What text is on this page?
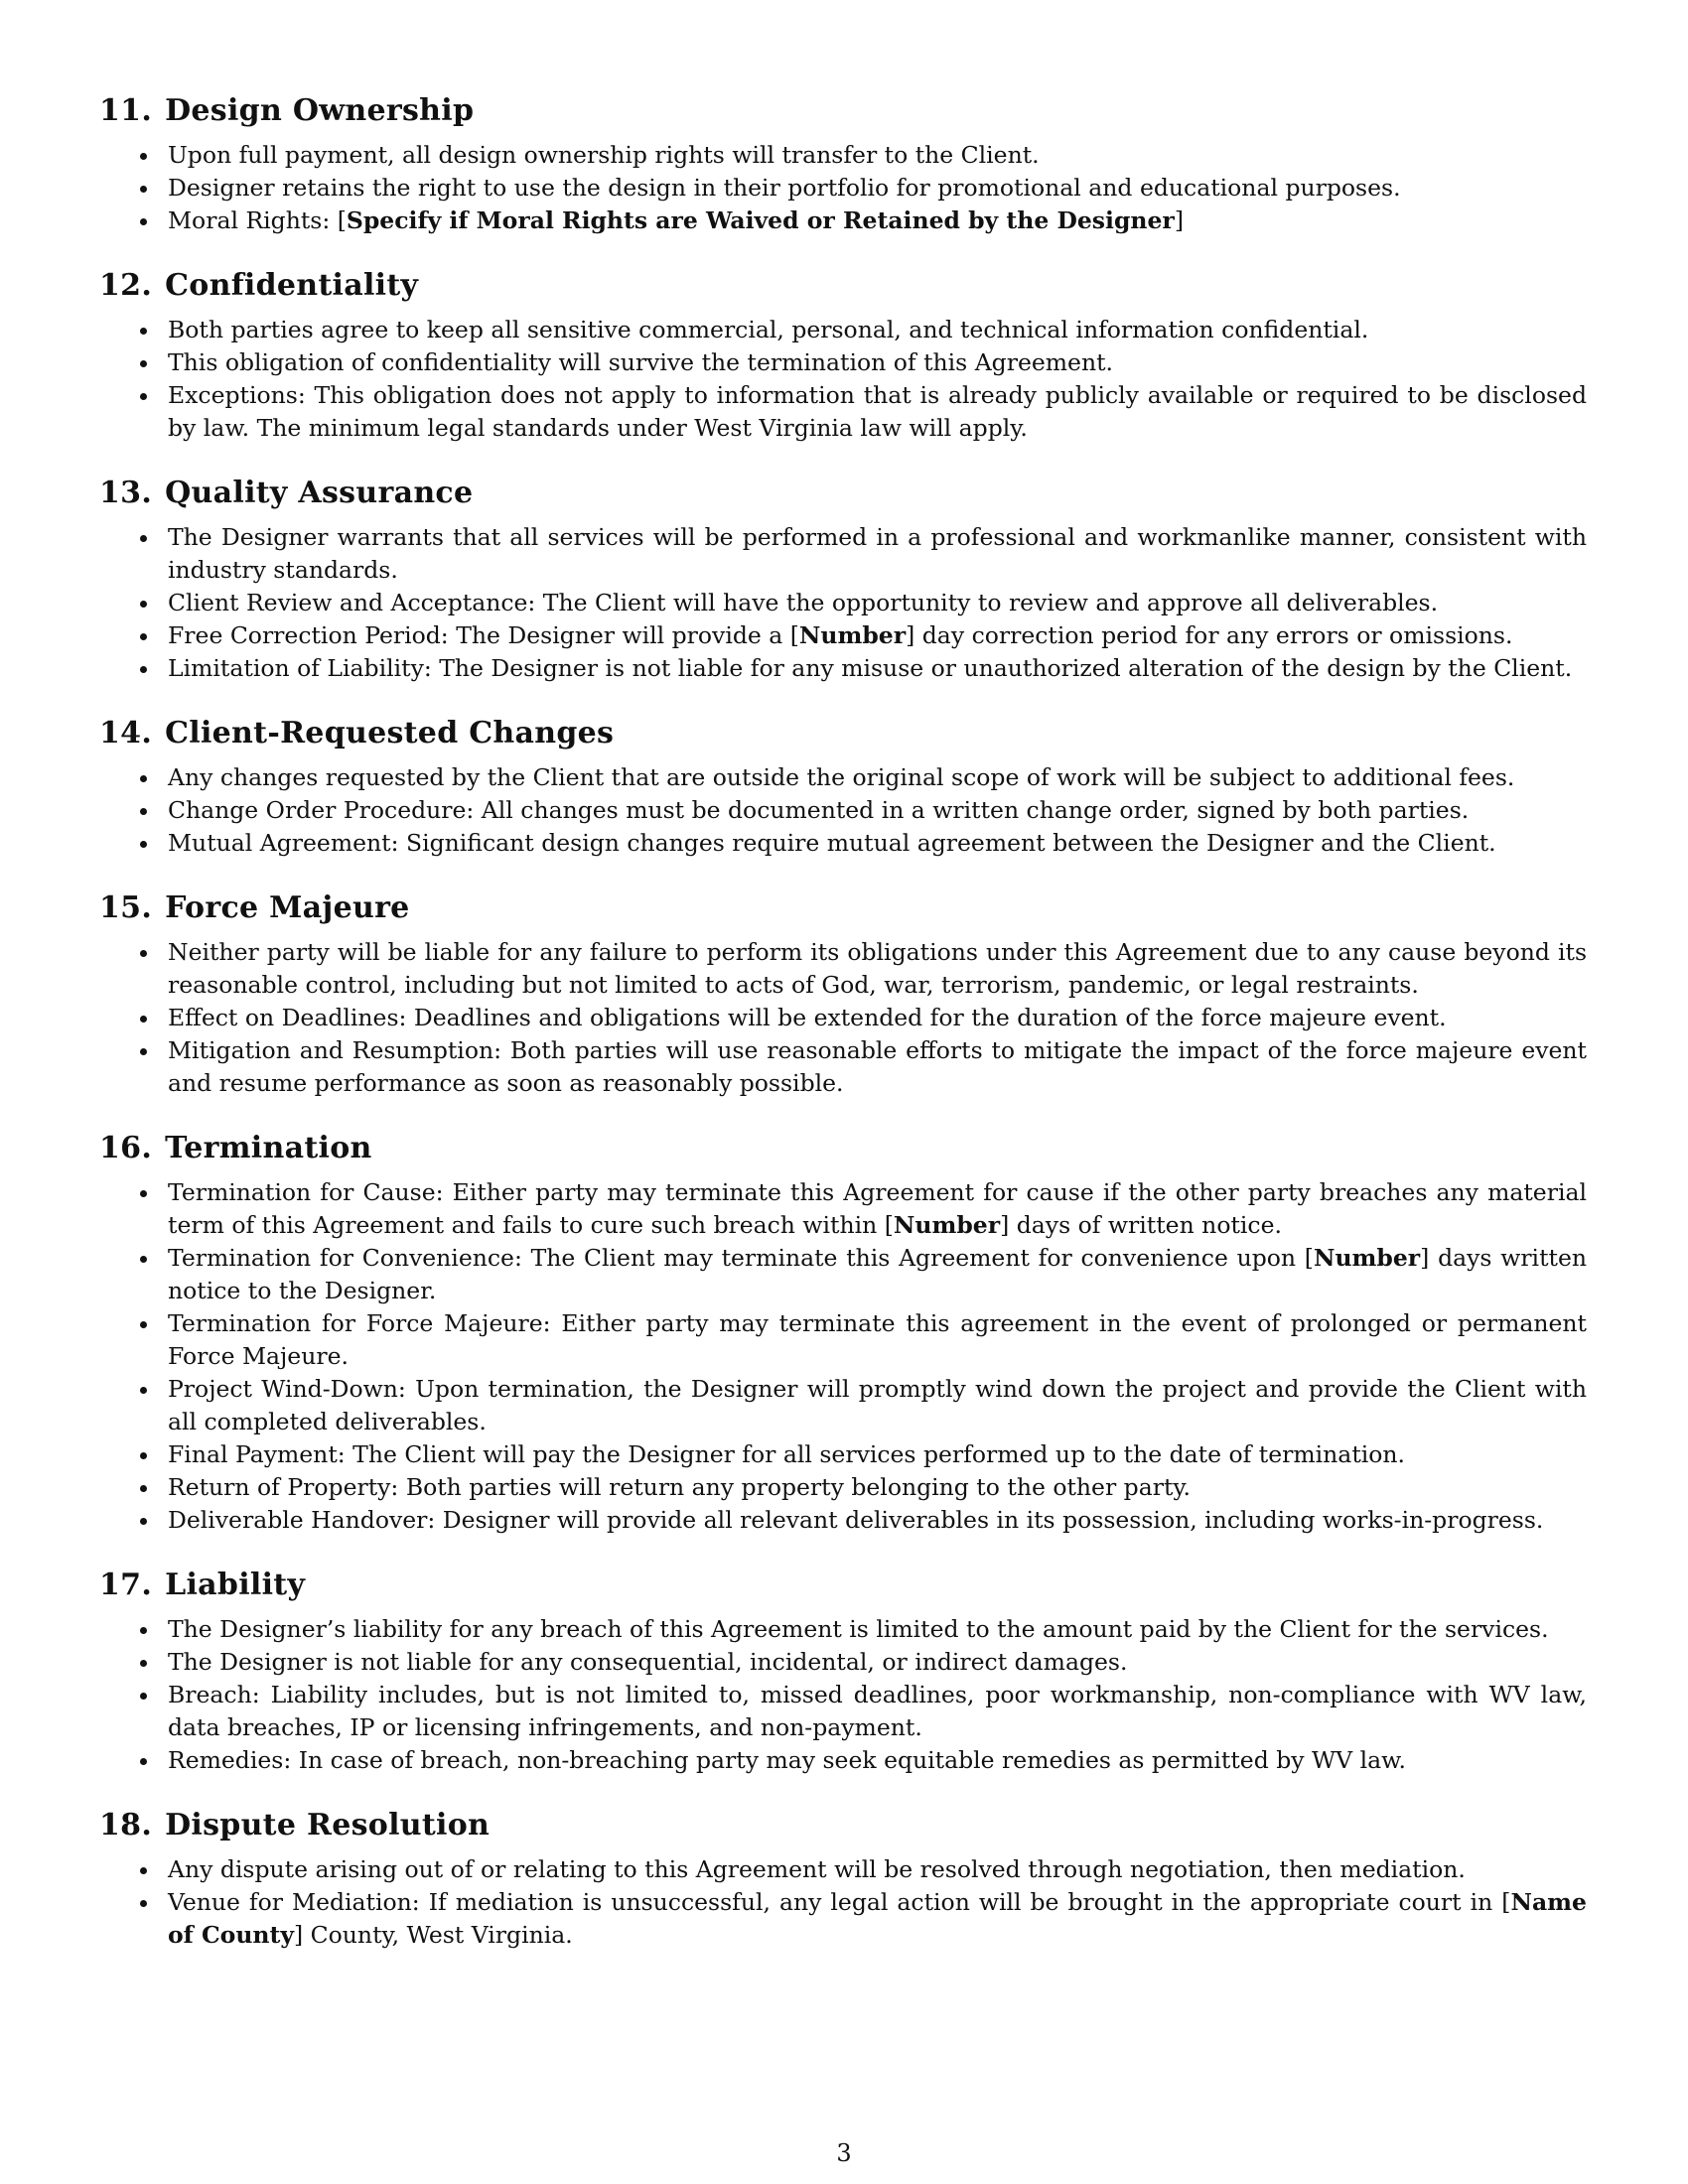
11. Design Ownership
Upon full payment, all design ownership rights will transfer to the Client.
Designer retains the right to use the design in their portfolio for promotional and educational purposes.
Moral Rights: [Specify if Moral Rights are Waived or Retained by the Designer]
12. Confidentiality
Both parties agree to keep all sensitive commercial, personal, and technical information confidential.
This obligation of confidentiality will survive the termination of this Agreement.
Exceptions: This obligation does not apply to information that is already publicly available or required to be disclosed by law. The minimum legal standards under West Virginia law will apply.
13. Quality Assurance
The Designer warrants that all services will be performed in a professional and workmanlike manner, consistent with industry standards.
Client Review and Acceptance: The Client will have the opportunity to review and approve all deliverables.
Free Correction Period: The Designer will provide a [Number] day correction period for any errors or omissions.
Limitation of Liability: The Designer is not liable for any misuse or unauthorized alteration of the design by the Client.
14. Client-Requested Changes
Any changes requested by the Client that are outside the original scope of work will be subject to additional fees.
Change Order Procedure: All changes must be documented in a written change order, signed by both parties.
Mutual Agreement: Significant design changes require mutual agreement between the Designer and the Client.
15. Force Majeure
Neither party will be liable for any failure to perform its obligations under this Agreement due to any cause beyond its reasonable control, including but not limited to acts of God, war, terrorism, pandemic, or legal restraints.
Effect on Deadlines: Deadlines and obligations will be extended for the duration of the force majeure event.
Mitigation and Resumption: Both parties will use reasonable efforts to mitigate the impact of the force majeure event and resume performance as soon as reasonably possible.
16. Termination
Termination for Cause: Either party may terminate this Agreement for cause if the other party breaches any material term of this Agreement and fails to cure such breach within [Number] days of written notice.
Termination for Convenience: The Client may terminate this Agreement for convenience upon [Number] days written notice to the Designer.
Termination for Force Majeure: Either party may terminate this agreement in the event of prolonged or permanent Force Majeure.
Project Wind-Down: Upon termination, the Designer will promptly wind down the project and provide the Client with all completed deliverables.
Final Payment: The Client will pay the Designer for all services performed up to the date of termination.
Return of Property: Both parties will return any property belonging to the other party.
Deliverable Handover: Designer will provide all relevant deliverables in its possession, including works-in-progress.
17. Liability
The Designer’s liability for any breach of this Agreement is limited to the amount paid by the Client for the services.
The Designer is not liable for any consequential, incidental, or indirect damages.
Breach: Liability includes, but is not limited to, missed deadlines, poor workmanship, non-compliance with WV law, data breaches, IP or licensing infringements, and non-payment.
Remedies: In case of breach, non-breaching party may seek equitable remedies as permitted by WV law.
18. Dispute Resolution
Any dispute arising out of or relating to this Agreement will be resolved through negotiation, then mediation.
Venue for Mediation: If mediation is unsuccessful, any legal action will be brought in the appropriate court in [Name of County] County, West Virginia.
3
